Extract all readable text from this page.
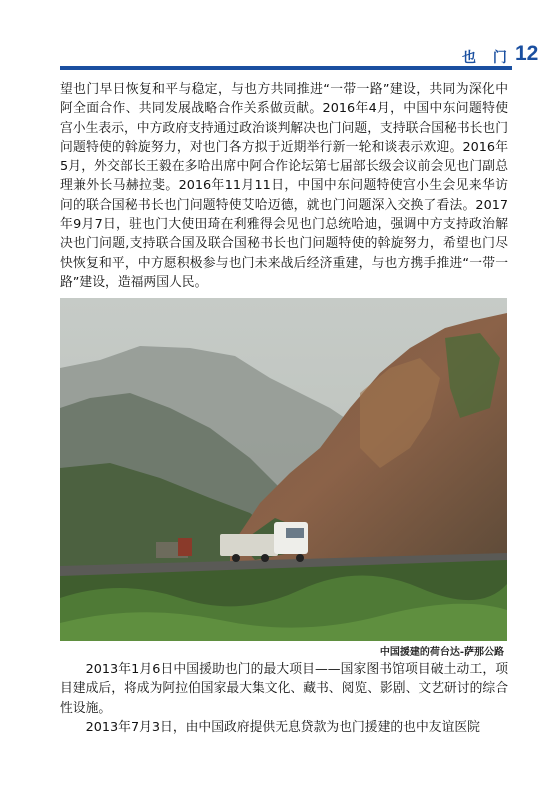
也 门 12

望也门早日恢复和平与稳定，与也方共同推进“一带一路”建设，共同为深化中阿全面合作、共同发展战略合作关系做贡献。2016年4月，中国中东问题特使宫小生表示，中方政府支持通过政治谈判解决也门问题，支持联合国秘书长也门问题特使的斡旋努力，对也门各方拟于近期举行新一轮和谈表示欢迎。2016年5月，外交部长王毅在多哈出席中阿合作论坛第七届部长级会议前会见也门副总理兼外长马赫拉斐。2016年11月11日，中国中东问题特使宫小生会见来华访问的联合国秘书长也门问题特使艾哈迈德，就也门问题深入交换了看法。2017年9月7日，驻也门大使田琦在利雅得会见也门总统哈迪，强调中方支持政治解决也门问题,支持联合国及联合国秘书长也门问题特使的斡旋努力，希望也门尽快恢复和平，中方愿积极参与也门未来战后经济重建，与也方携手推进“一带一路”建设，造福两国人民。

中国援建的荷台达-萨那公路

2013年1月6日中国援助也门的最大项目——国家图书馆项目破土动工，项目建成后，将成为阿拉伯国家最大集文化、藏书、阅览、影剧、文艺研讨的综合性设施。

2013年7月3日，由中国政府提供无息贷款为也门援建的也中友谊医院
